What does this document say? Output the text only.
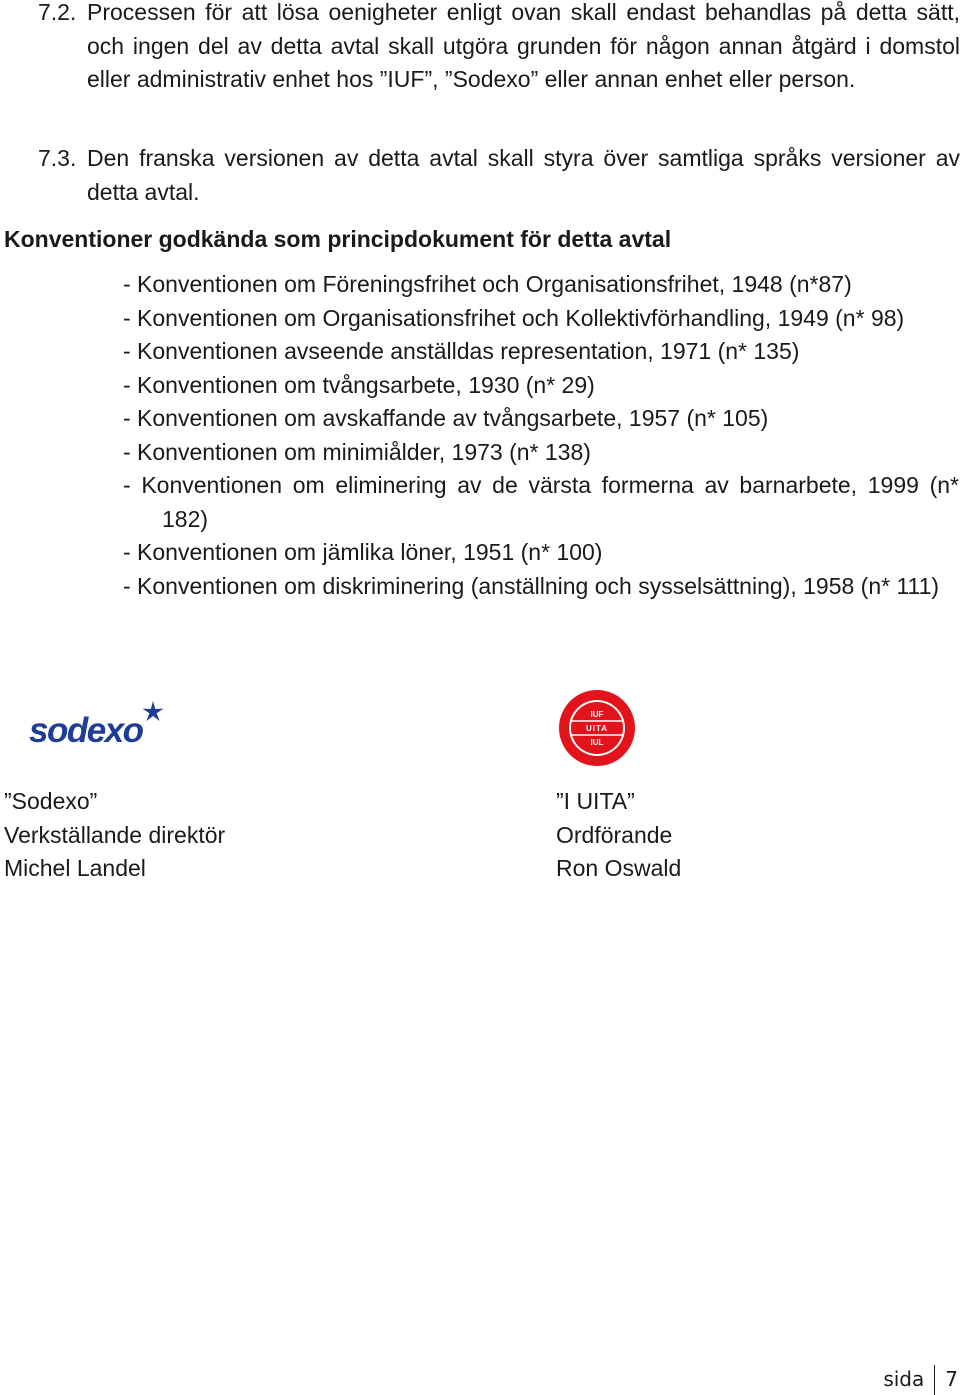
7.2. Processen för att lösa oenigheter enligt ovan skall endast behandlas på detta sätt, och ingen del av detta avtal skall utgöra grunden för någon annan åtgärd i domstol eller administrativ enhet hos ”IUF”, ”Sodexo” eller annan enhet eller person.
7.3. Den franska versionen av detta avtal skall styra över samtliga språks versioner av detta avtal.
Konventioner godkända som principdokument för detta avtal
- Konventionen om Föreningsfrihet och Organisationsfrihet, 1948 (n*87)
- Konventionen om Organisationsfrihet och Kollektivförhandling, 1949 (n* 98)
- Konventionen avseende anställdas representation, 1971 (n* 135)
- Konventionen om tvångsarbete, 1930 (n* 29)
- Konventionen om avskaffande av tvångsarbete, 1957 (n* 105)
- Konventionen om minimiålder, 1973 (n* 138)
- Konventionen om eliminering av de värsta formerna av barnarbete, 1999 (n* 182)
- Konventionen om jämlika löner, 1951 (n* 100)
- Konventionen om diskriminering (anställning och sysselsättning), 1958 (n* 111)
sodexo	IUF
UITA
IUL
”Sodexo”
Verkställande direktör
Michel Landel
”I UITA”
Ordförande
Ron Oswald
sida 7
